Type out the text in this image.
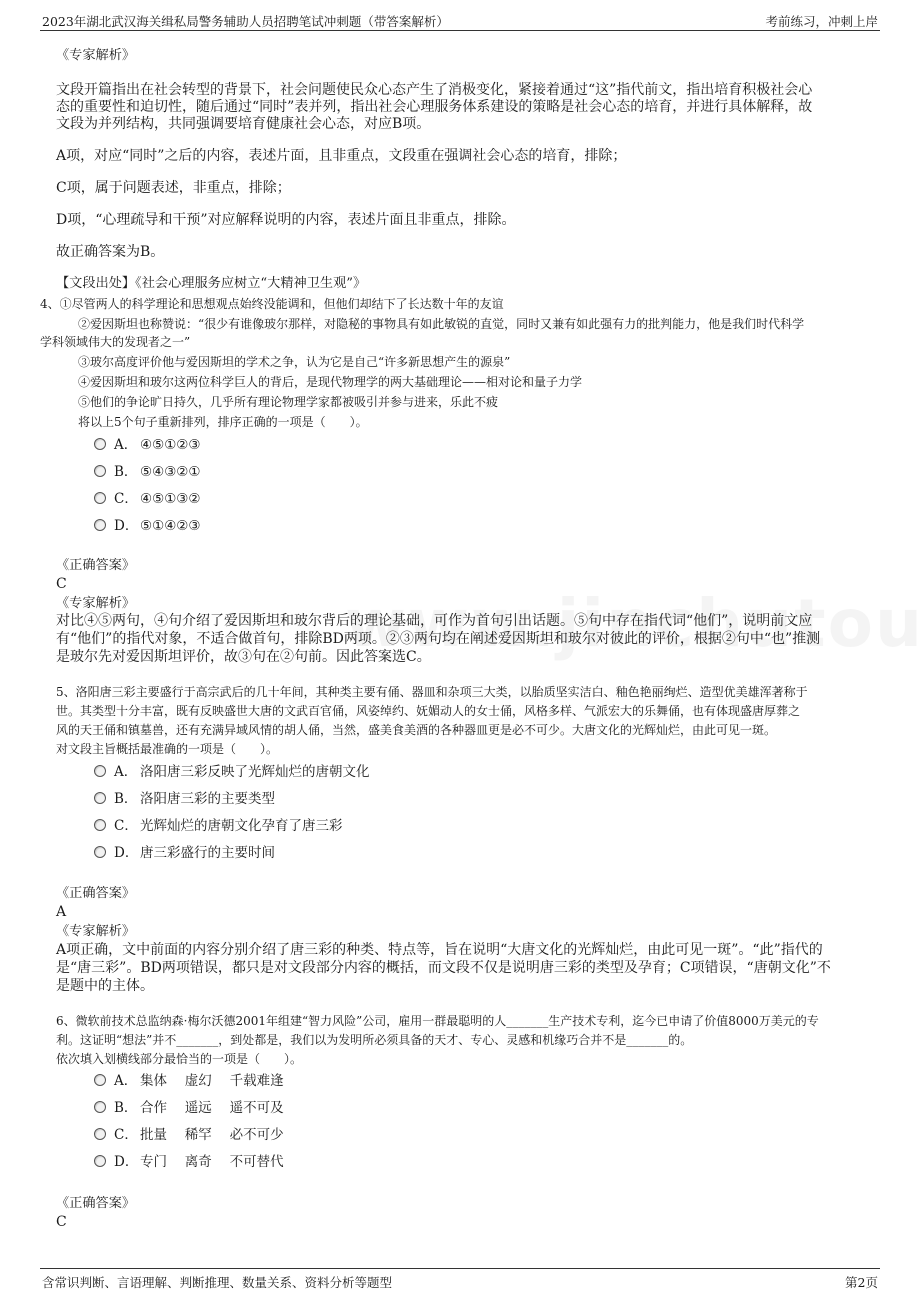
2023年湖北武汉海关缉私局警务辅助人员招聘笔试冲刺题（带答案解析）	考前练习，冲刺上岸
《专家解析》
文段开篇指出在社会转型的背景下，社会问题使民众心态产生了消极变化，紧接着通过“这”指代前文，指出培育积极社会心
态的重要性和迫切性，随后通过“同时”表并列，指出社会心理服务体系建设的策略是社会心态的培育，并进行具体解释，故
文段为并列结构，共同强调要培育健康社会心态，对应B项。
A项，对应“同时”之后的内容，表述片面，且非重点，文段重在强调社会心态的培育，排除；
C项，属于问题表述，非重点，排除；
D项，“心理疏导和干预”对应解释说明的内容，表述片面且非重点，排除。
故正确答案为B。
【文段出处】《社会心理服务应树立“大精神卫生观”》
4、①尽管两人的科学理论和思想观点始终没能调和，但他们却结下了长达数十年的友谊
②爱因斯坦也称赞说：“很少有谁像玻尔那样，对隐秘的事物具有如此敏锐的直觉，同时又兼有如此强有力的批判能力，他是我们时代科学
学科领域伟大的发现者之一”
③玻尔高度评价他与爱因斯坦的学术之争，认为它是自己“许多新思想产生的源泉”
④爱因斯坦和玻尔这两位科学巨人的背后，是现代物理学的两大基础理论——相对论和量子力学
⑤他们的争论旷日持久，几乎所有理论物理学家都被吸引并参与进来，乐此不疲
将以上5个句子重新排列，排序正确的一项是（　　）。
A． ④⑤①②③
B． ⑤④③②①
C． ④⑤①③②
D． ⑤①④②③
《正确答案》
C
《专家解析》
对比④⑤两句，④句介绍了爱因斯坦和玻尔背后的理论基础，可作为首句引出话题。⑤句中存在指代词“他们”，说明前文应
有“他们”的指代对象，不适合做首句，排除BD两项。②③两句均在阐述爱因斯坦和玻尔对彼此的评价，根据②句中“也”推测
是玻尔先对爱因斯坦评价，故③句在②句前。因此答案选C。
5、洛阳唐三彩主要盛行于高宗武后的几十年间，其种类主要有俑、器皿和杂项三大类，以胎质坚实洁白、釉色艳丽绚烂、造型优美雄浑著称于
世。其类型十分丰富，既有反映盛世大唐的文武百官俑，风姿绰约、妩媚动人的女士俑，风格多样、气派宏大的乐舞俑，也有体现盛唐厚葬之
风的天王俑和镇墓兽，还有充满异域风情的胡人俑，当然，盛美食美酒的各种器皿更是必不可少。大唐文化的光辉灿烂，由此可见一斑。
对文段主旨概括最准确的一项是（　　）。
A． 洛阳唐三彩反映了光辉灿烂的唐朝文化
B． 洛阳唐三彩的主要类型
C． 光辉灿烂的唐朝文化孕育了唐三彩
D． 唐三彩盛行的主要时间
《正确答案》
A
《专家解析》
A项正确，文中前面的内容分别介绍了唐三彩的种类、特点等，旨在说明“大唐文化的光辉灿烂，由此可见一斑”。“此”指代的
是“唐三彩”。BD两项错误，都只是对文段部分内容的概括，而文段不仅是说明唐三彩的类型及孕育；C项错误，“唐朝文化”不
是题中的主体。
6、微软前技术总监纳森·梅尔沃德2001年组建“智力风险”公司，雇用一群最聪明的人_______生产技术专利，迄今已申请了价值8000万美元的专
利。这证明“想法”并不_______，到处都是，我们以为发明所必须具备的天才、专心、灵感和机缘巧合并不是_______的。
依次填入划横线部分最恰当的一项是（　　）。
A． 集体　 虚幻　 千载难逢
B． 合作　 遥远　 遥不可及
C． 批量　 稀罕　 必不可少
D． 专门　 离奇　 不可替代
《正确答案》
C
含常识判断、言语理解、判断推理、数量关系、资料分析等题型	第2页
